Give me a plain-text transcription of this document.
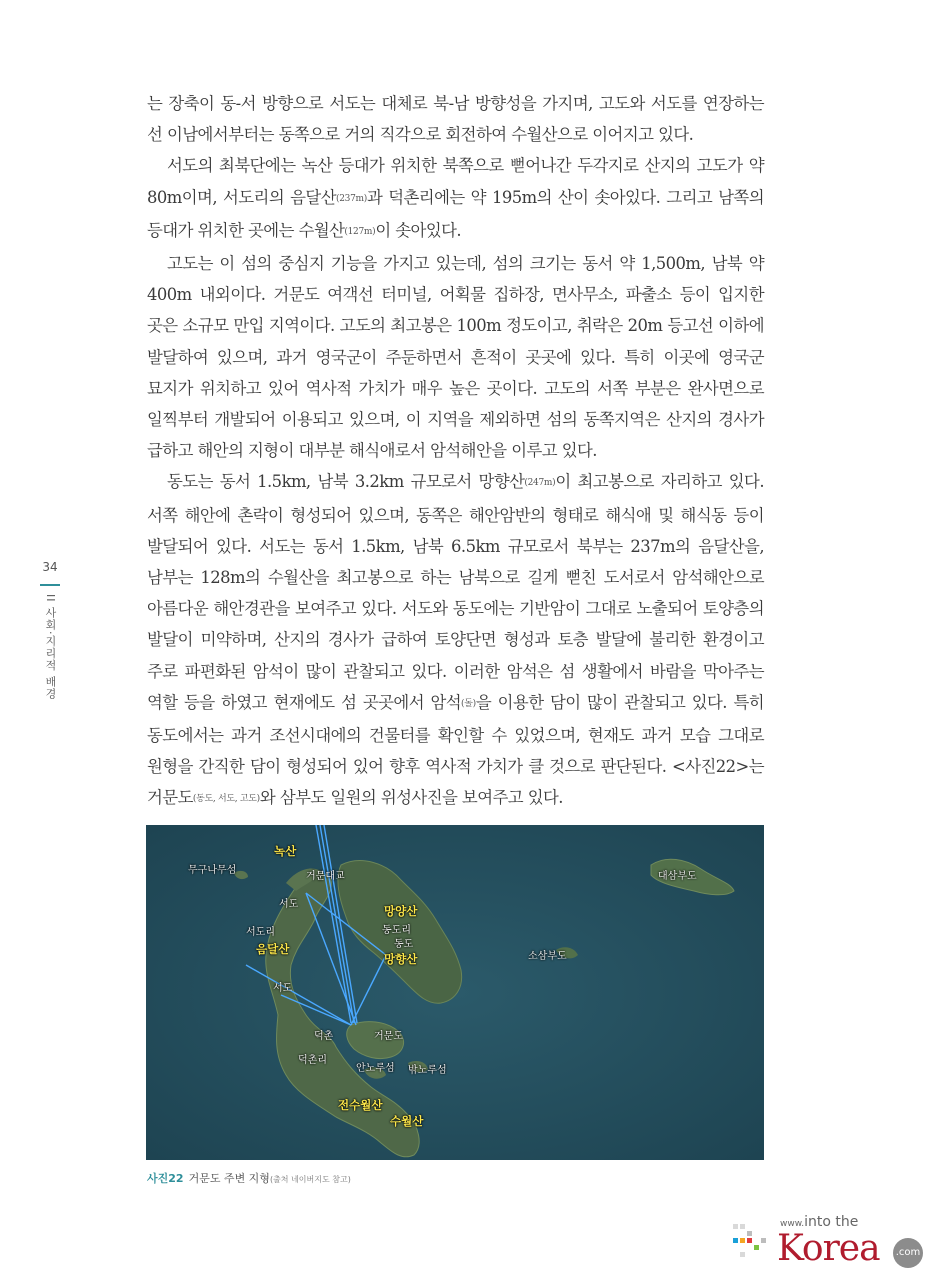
는 장축이 동-서 방향으로 서도는 대체로 북-남 방향성을 가지며, 고도와 서도를 연장하는 선 이남에서부터는 동쪽으로 거의 직각으로 회전하여 수월산으로 이어지고 있다.

서도의 최북단에는 녹산 등대가 위치한 북쪽으로 뻗어나간 두각지로 산지의 고도가 약 80m이며, 서도리의 음달산$^{(237m)}$과 덕촌리에는 약 195m의 산이 솟아있다. 그리고 남쪽의 등대가 위치한 곳에는 수월산$^{(127m)}$이 솟아있다.

고도는 이 섬의 중심지 기능을 가지고 있는데, 섬의 크기는 동서 약 1,500m, 남북 약 400m 내외이다. 거문도 여객선 터미널, 어획물 집하장, 면사무소, 파출소 등이 입지한 곳은 소규모 만입 지역이다. 고도의 최고봉은 100m 정도이고, 취락은 20m 등고선 이하에 발달하여 있으며, 과거 영국군이 주둔하면서 흔적이 곳곳에 있다. 특히 이곳에 영국군 묘지가 위치하고 있어 역사적 가치가 매우 높은 곳이다. 고도의 서쪽 부분은 완사면으로 일찍부터 개발되어 이용되고 있으며, 이 지역을 제외하면 섬의 동쪽지역은 산지의 경사가 급하고 해안의 지형이 대부분 해식애로서 암석해안을 이루고 있다.

동도는 동서 1.5km, 남북 3.2km 규모로서 망향산$^{(247m)}$이 최고봉으로 자리하고 있다. 서쪽 해안에 촌락이 형성되어 있으며, 동쪽은 해안암반의 형태로 해식애 및 해식동 등이 발달되어 있다. 서도는 동서 1.5km, 남북 6.5km 규모로서 북부는 237m의 음달산을, 남부는 128m의 수월산을 최고봉으로 하는 남북으로 길게 뻗친 도서로서 암석해안으로 아름다운 해안경관을 보여주고 있다. 서도와 동도에는 기반암이 그대로 노출되어 토양층의 발달이 미약하며, 산지의 경사가 급하여 토양단면 형성과 토층 발달에 불리한 환경이고 주로 파편화된 암석이 많이 관찰되고 있다. 이러한 암석은 섬 생활에서 바람을 막아주는 역할 등을 하였고 현재에도 섬 곳곳에서 암석$^{(돌)}$을 이용한 담이 많이 관찰되고 있다. 특히 동도에서는 과거 조선시대에의 건물터를 확인할 수 있었으며, 현재도 과거 모습 그대로 원형을 간직한 담이 형성되어 있어 향후 역사적 가치가 클 것으로 판단된다. <사진22>는 거문도$^{(동도, 서도, 고도)}$와 삼부도 일원의 위성사진을 보여주고 있다.

34
II 사회·지리적 배경
녹산
무구나무섬
거문대교
서도
서도리
음달산
망양산
동도리
동도
망향산
서도
덕촌	거문도
덕촌리
안노루섬 밖노루섬
전수월산
수월산
대삼부도
소삼부도
사진22 거문도 주변 지형(출처 네이버지도 참고)
www.into the
Korea .com
